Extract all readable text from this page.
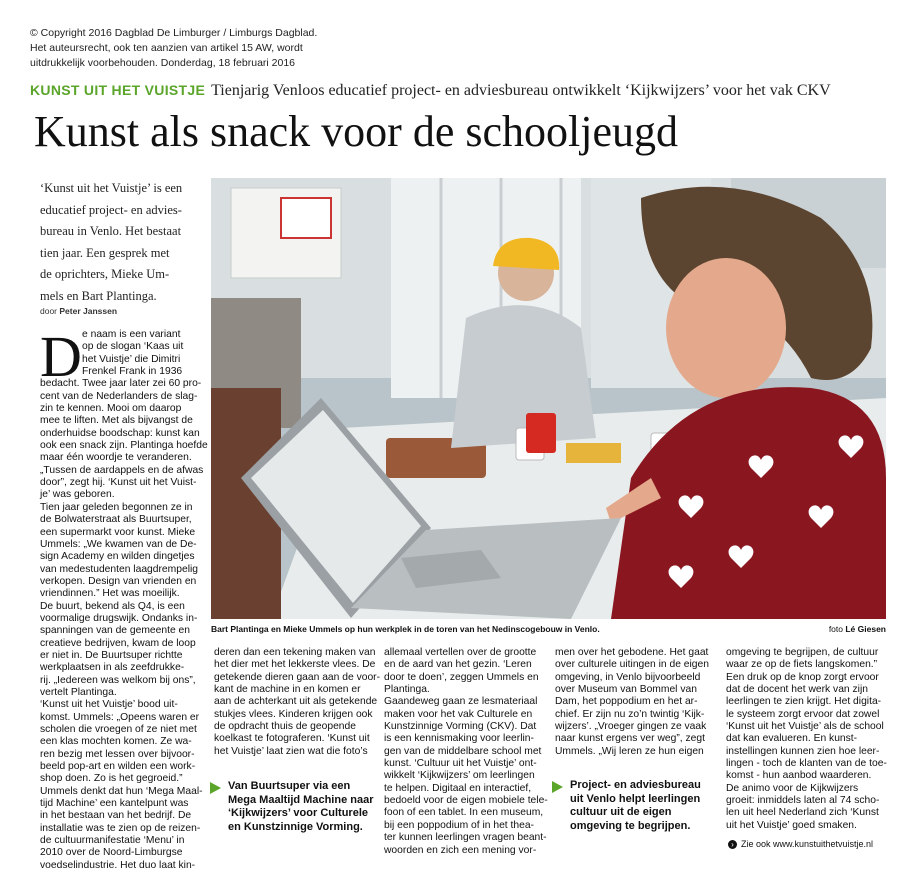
© Copyright 2016 Dagblad De Limburger / Limburgs Dagblad.
Het auteursrecht, ook ten aanzien van artikel 15 AW, wordt
uitdrukkelijk voorbehouden. Donderdag, 18 februari 2016
KUNST UIT HET VUISTJE Tienjarig Venloos educatief project- en adviesbureau ontwikkelt ‘Kijkwijzers’ voor het vak CKV
Kunst als snack voor de schooljeugd
‘Kunst uit het Vuistje’ is een
educatief project- en advies-
bureau in Venlo. Het bestaat
tien jaar. Een gesprek met
de oprichters, Mieke Um-
mels en Bart Plantinga.
door Peter Janssen
D e naam is een variant
op de slogan ‘Kaas uit
het Vuistje’ die Dimitri
Frenkel Frank in 1936
bedacht. Twee jaar later zei 60 pro-
cent van de Nederlanders de slag-
zin te kennen. Mooi om daarop
mee te liften. Met als bijvangst de
onderhuidse boodschap: kunst kan
ook een snack zijn. Plantinga hoefde
maar één woordje te veranderen.
„Tussen de aardappels en de afwas
door”, zegt hij. ‘Kunst uit het Vuist-
je’ was geboren.
Tien jaar geleden begonnen ze in
de Bolwaterstraat als Buurtsuper,
een supermarkt voor kunst. Mieke
Ummels: „We kwamen van de De-
sign Academy en wilden dingetjes
van medestudenten laagdrempelig
verkopen. Design van vrienden en
vriendinnen.” Het was moeilijk.
De buurt, bekend als Q4, is een
voormalige drugswijk. Ondanks in-
spanningen van de gemeente en
creatieve bedrijven, kwam de loop
er niet in. De Buurtsuper richtte
werkplaatsen in als zeefdrukke-
rij. „Iedereen was welkom bij ons”,
vertelt Plantinga.
‘Kunst uit het Vuistje’ bood uit-
komst. Ummels: „Opeens waren er
scholen die vroegen of ze niet met
een klas mochten komen. Ze wa-
ren bezig met lessen over bijvoor-
beeld pop-art en wilden een work-
shop doen. Zo is het gegroeid.”
Ummels denkt dat hun ‘Mega Maal-
tijd Machine’ een kantelpunt was
in het bestaan van het bedrijf. De
installatie was te zien op de reizen-
de cultuurmanifestatie ‘Menu’ in
2010 over de Noord-Limburgse
voedselindustrie. Het duo laat kin-
Bart Plantinga en Mieke Ummels op hun werkplek in de toren van het Nedinscogebouw in Venlo.	foto Lé Giesen
deren dan een tekening maken van
het dier met het lekkerste vlees. De
getekende dieren gaan aan de voor-
kant de machine in en komen er
aan de achterkant uit als getekende
stukjes vlees. Kinderen krijgen ook
de opdracht thuis de geopende
koelkast te fotograferen. ‘Kunst uit
het Vuistje’ laat zien wat die foto’s
allemaal vertellen over de grootte
en de aard van het gezin. ‘Leren
door te doen’, zeggen Ummels en
Plantinga.
Gaandeweg gaan ze lesmateriaal
maken voor het vak Culturele en
Kunstzinnige Vorming (CKV). Dat
is een kennismaking voor leerlin-
gen van de middelbare school met
kunst. ‘Cultuur uit het Vuistje’ ont-
wikkelt ‘Kijkwijzers’ om leerlingen
te helpen. Digitaal en interactief,
bedoeld voor de eigen mobiele tele-
foon of een tablet. In een museum,
bij een poppodium of in het thea-
ter kunnen leerlingen vragen beant-
woorden en zich een mening vor-
men over het gebodene. Het gaat
over culturele uitingen in de eigen
omgeving, in Venlo bijvoorbeeld
over Museum van Bommel van
Dam, het poppodium en het ar-
chief. Er zijn nu zo’n twintig ‘Kijk-
wijzers’. „Vroeger gingen ze vaak
naar kunst ergens ver weg”, zegt
Ummels. „Wij leren ze hun eigen
omgeving te begrijpen, de cultuur
waar ze op de fiets langskomen.”
Een druk op de knop zorgt ervoor
dat de docent het werk van zijn
leerlingen te zien krijgt. Het digita-
le systeem zorgt ervoor dat zowel
‘Kunst uit het Vuistje’ als de school
dat kan evalueren. En kunst-
instellingen kunnen zien hoe leer-
lingen - toch de klanten van de toe-
komst - hun aanbod waarderen.
De animo voor de Kijkwijzers
groeit: inmiddels laten al 74 scho-
len uit heel Nederland zich ‘Kunst
uit het Vuistje’ goed smaken.
Van Buurtsuper via een
Mega Maaltijd Machine naar
‘Kijkwijzers’ voor Culturele
en Kunstzinnige Vorming.
Project- en adviesbureau
uit Venlo helpt leerlingen
cultuur uit de eigen
omgeving te begrijpen.
› Zie ook www.kunstuithetvuistje.nl
